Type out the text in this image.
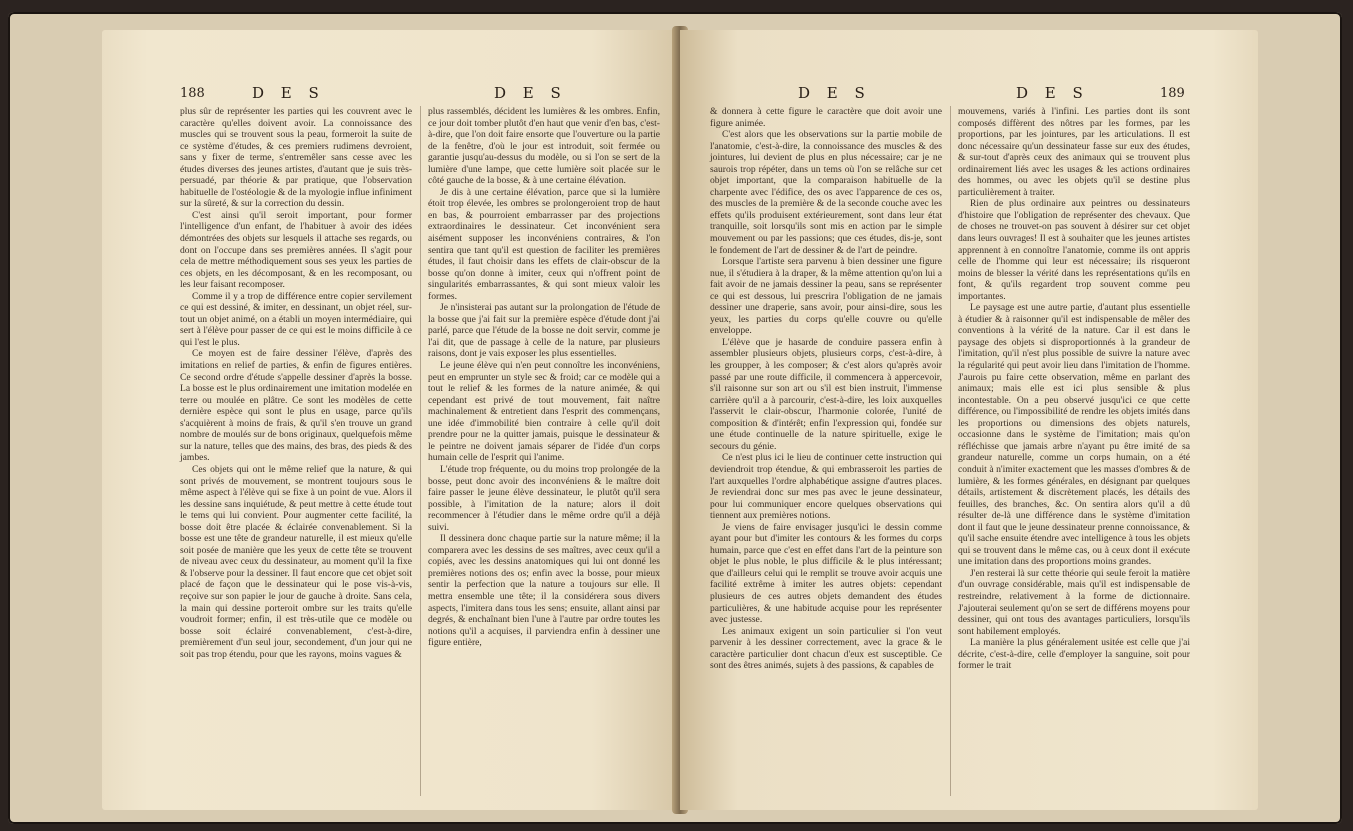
188	D E S	D E S

plus sûr de représenter les parties qui les couvrent avec le caractère qu'elles doivent avoir. La connoissance des muscles qui se trouvent sous la peau, formeroit la suite de ce système d'études, & ces premiers rudimens devroient, sans y fixer de terme, s'entremêler sans cesse avec les études diverses des jeunes artistes, d'autant que je suis très-persuadé, par théorie & par pratique, que l'observation habituelle de l'ostéologie & de la myologie influe infiniment sur la sûreté, & sur la correction du dessin.

C'est ainsi qu'il seroit important, pour former l'intelligence d'un enfant, de l'habituer à avoir des idées démontrées des objets sur lesquels il attache ses regards, ou dont on l'occupe dans ses premières années. Il s'agit pour cela de mettre méthodiquement sous ses yeux les parties de ces objets, en les décomposant, & en les recomposant, ou les leur faisant recomposer.

Comme il y a trop de différence entre copier servilement ce qui est dessiné, & imiter, en dessinant, un objet réel, sur-tout un objet animé, on a établi un moyen intermédiaire, qui sert à l'élève pour passer de ce qui est le moins difficile à ce qui l'est le plus.

Ce moyen est de faire dessiner l'élève, d'après des imitations en relief de parties, & enfin de figures entières. Ce second ordre d'étude s'appelle dessiner d'après la bosse. La bosse est le plus ordinairement une imitation modelée en terre ou moulée en plâtre. Ce sont les modèles de cette dernière espèce qui sont le plus en usage, parce qu'ils s'acquièrent à moins de frais, & qu'il s'en trouve un grand nombre de moulés sur de bons originaux, quelquefois même sur la nature, telles que des mains, des bras, des pieds & des jambes.

Ces objets qui ont le même relief que la nature, & qui sont privés de mouvement, se montrent toujours sous le même aspect à l'élève qui se fixe à un point de vue. Alors il les dessine sans inquiétude, & peut mettre à cette étude tout le tems qui lui convient. Pour augmenter cette facilité, la bosse doit être placée & éclairée convenablement. Si la bosse est une tête de grandeur naturelle, il est mieux qu'elle soit posée de manière que les yeux de cette tête se trouvent de niveau avec ceux du dessinateur, au moment qu'il la fixe & l'observe pour la dessiner. Il faut encore que cet objet soit placé de façon que le dessinateur qui le pose vis-à-vis, reçoive sur son papier le jour de gauche à droite. Sans cela, la main qui dessine porteroit ombre sur les traits qu'elle voudroit former; enfin, il est très-utile que ce modèle ou bosse soit éclairé convenablement, c'est-à-dire, premièrement d'un seul jour, secondement, d'un jour qui ne soit pas trop étendu, pour que les rayons, moins vagues &

plus rassemblés, décident les lumières & les ombres. Enfin, ce jour doit tomber plutôt d'en haut que venir d'en bas, c'est-à-dire, que l'on doit faire ensorte que l'ouverture ou la partie de la fenêtre, d'où le jour est introduit, soit fermée ou garantie jusqu'au-dessus du modèle, ou si l'on se sert de la lumière d'une lampe, que cette lumière soit placée sur le côté gauche de la bosse, & à une certaine élévation.

Je dis à une certaine élévation, parce que si la lumière étoit trop élevée, les ombres se prolongeroient trop de haut en bas, & pourroient embarrasser par des projections extraordinaires le dessinateur. Cet inconvénient sera aisément supposer les inconvéniens contraires, & l'on sentira que tant qu'il est question de faciliter les premières études, il faut choisir dans les effets de clair-obscur de la bosse qu'on donne à imiter, ceux qui n'offrent point de singularités embarrassantes, & qui sont mieux valoir les formes.

Je n'insisterai pas autant sur la prolongation de l'étude de la bosse que j'ai fait sur la première espèce d'étude dont j'ai parlé, parce que l'étude de la bosse ne doit servir, comme je l'ai dit, que de passage à celle de la nature, par plusieurs raisons, dont je vais exposer les plus essentielles.

Le jeune élève qui n'en peut connoître les inconvéniens, peut en emprunter un style sec & froid; car ce modèle qui a tout le relief & les formes de la nature animée, & qui cependant est privé de tout mouvement, fait naître machinalement & entretient dans l'esprit des commençans, une idée d'immobilité bien contraire à celle qu'il doit prendre pour ne la quitter jamais, puisque le dessinateur & le peintre ne doivent jamais séparer de l'idée d'un corps humain celle de l'esprit qui l'anime.

L'étude trop fréquente, ou du moins trop prolongée de la bosse, peut donc avoir des inconvéniens & le maître doit faire passer le jeune élève dessinateur, le plutôt qu'il sera possible, à l'imitation de la nature; alors il doit recommencer à l'étudier dans le même ordre qu'il a déjà suivi.

Il dessinera donc chaque partie sur la nature même; il la comparera avec les dessins de ses maîtres, avec ceux qu'il a copiés, avec les dessins anatomiques qui lui ont donné les premières notions des os; enfin avec la bosse, pour mieux sentir la perfection que la nature a toujours sur elle. Il mettra ensemble une tête; il la considérera sous divers aspects, l'imitera dans tous les sens; ensuite, allant ainsi par degrés, & enchaînant bien l'une à l'autre par ordre toutes les notions qu'il a acquises, il parviendra enfin à dessiner une figure entière,

D E S	D E S	189

& donnera à cette figure le caractère que doit avoir une figure animée.

C'est alors que les observations sur la partie mobile de l'anatomie, c'est-à-dire, la connoissance des muscles & des jointures, lui devient de plus en plus nécessaire; car je ne saurois trop répéter, dans un tems où l'on se relâche sur cet objet important, que la comparaison habituelle de la charpente avec l'édifice, des os avec l'apparence de ces os, des muscles de la première & de la seconde couche avec les effets qu'ils produisent extérieurement, sont dans leur état tranquille, soit lorsqu'ils sont mis en action par le simple mouvement ou par les passions; que ces études, dis-je, sont le fondement de l'art de dessiner & de l'art de peindre.

Lorsque l'artiste sera parvenu à bien dessiner une figure nue, il s'étudiera à la draper, & la même attention qu'on lui a fait avoir de ne jamais dessiner la peau, sans se représenter ce qui est dessous, lui prescrira l'obligation de ne jamais dessiner une draperie, sans avoir, pour ainsi-dire, sous les yeux, les parties du corps qu'elle couvre ou qu'elle enveloppe.

L'élève que je hasarde de conduire passera enfin à assembler plusieurs objets, plusieurs corps, c'est-à-dire, à les groupper, à les composer; & c'est alors qu'après avoir passé par une route difficile, il commencera à appercevoir, s'il raisonne sur son art ou s'il est bien instruit, l'immense carrière qu'il a à parcourir, c'est-à-dire, les loix auxquelles l'asservit le clair-obscur, l'harmonie colorée, l'unité de composition & d'intérêt; enfin l'expression qui, fondée sur une étude continuelle de la nature spirituelle, exige le secours du génie.

Ce n'est plus ici le lieu de continuer cette instruction qui deviendroit trop étendue, & qui embrasseroit les parties de l'art auxquelles l'ordre alphabétique assigne d'autres places. Je reviendrai donc sur mes pas avec le jeune dessinateur, pour lui communiquer encore quelques observations qui tiennent aux premières notions.

Je viens de faire envisager jusqu'ici le dessin comme ayant pour but d'imiter les contours & les formes du corps humain, parce que c'est en effet dans l'art de la peinture son objet le plus noble, le plus difficile & le plus intéressant; que d'ailleurs celui qui le remplit se trouve avoir acquis une facilité extrême à imiter les autres objets: cependant plusieurs de ces autres objets demandent des études particulières, & une habitude acquise pour les représenter avec justesse.

Les animaux exigent un soin particulier si l'on veut parvenir à les dessiner correctement, avec la grace & le caractère particulier dont chacun d'eux est susceptible. Ce sont des êtres animés, sujets à des passions, & capables de

mouvemens, variés à l'infini. Les parties dont ils sont composés diffèrent des nôtres par les formes, par les proportions, par les jointures, par les articulations. Il est donc nécessaire qu'un dessinateur fasse sur eux des études, & sur-tout d'après ceux des animaux qui se trouvent plus ordinairement liés avec les usages & les actions ordinaires des hommes, ou avec les objets qu'il se destine plus particulièrement à traiter.

Rien de plus ordinaire aux peintres ou dessinateurs d'histoire que l'obligation de représenter des chevaux. Que de choses ne trouvet-on pas souvent à désirer sur cet objet dans leurs ouvrages! Il est à souhaiter que les jeunes artistes apprennent à en connoître l'anatomie, comme ils ont appris celle de l'homme qui leur est nécessaire; ils risqueront moins de blesser la vérité dans les représentations qu'ils en font, & qu'ils regardent trop souvent comme peu importantes.

Le paysage est une autre partie, d'autant plus essentielle à étudier & à raisonner qu'il est indispensable de mêler des conventions à la vérité de la nature. Car il est dans le paysage des objets si disproportionnés à la grandeur de l'imitation, qu'il n'est plus possible de suivre la nature avec la régularité qui peut avoir lieu dans l'imitation de l'homme. J'aurois pu faire cette observation, même en parlant des animaux; mais elle est ici plus sensible & plus incontestable. On a peu observé jusqu'ici ce que cette différence, ou l'impossibilité de rendre les objets imités dans les proportions ou dimensions des objets naturels, occasionne dans le système de l'imitation; mais qu'on réfléchisse que jamais arbre n'ayant pu être imité de sa grandeur naturelle, comme un corps humain, on a été conduit à n'imiter exactement que les masses d'ombres & de lumière, & les formes générales, en désignant par quelques détails, artistement & discrètement placés, les détails des feuilles, des branches, &c. On sentira alors qu'il a dû résulter de-là une différence dans le système d'imitation dont il faut que le jeune dessinateur prenne connoissance, & qu'il sache ensuite étendre avec intelligence à tous les objets qui se trouvent dans le même cas, ou à ceux dont il exécute une imitation dans des proportions moins grandes.

J'en resterai là sur cette théorie qui seule feroit la matière d'un ouvrage considérable, mais qu'il est indispensable de restreindre, relativement à la forme de dictionnaire. J'ajouterai seulement qu'on se sert de différens moyens pour dessiner, qui ont tous des avantages particuliers, lorsqu'ils sont habilement employés.

La manière la plus généralement usitée est celle que j'ai décrite, c'est-à-dire, celle d'employer la sanguine, soit pour former le trait
